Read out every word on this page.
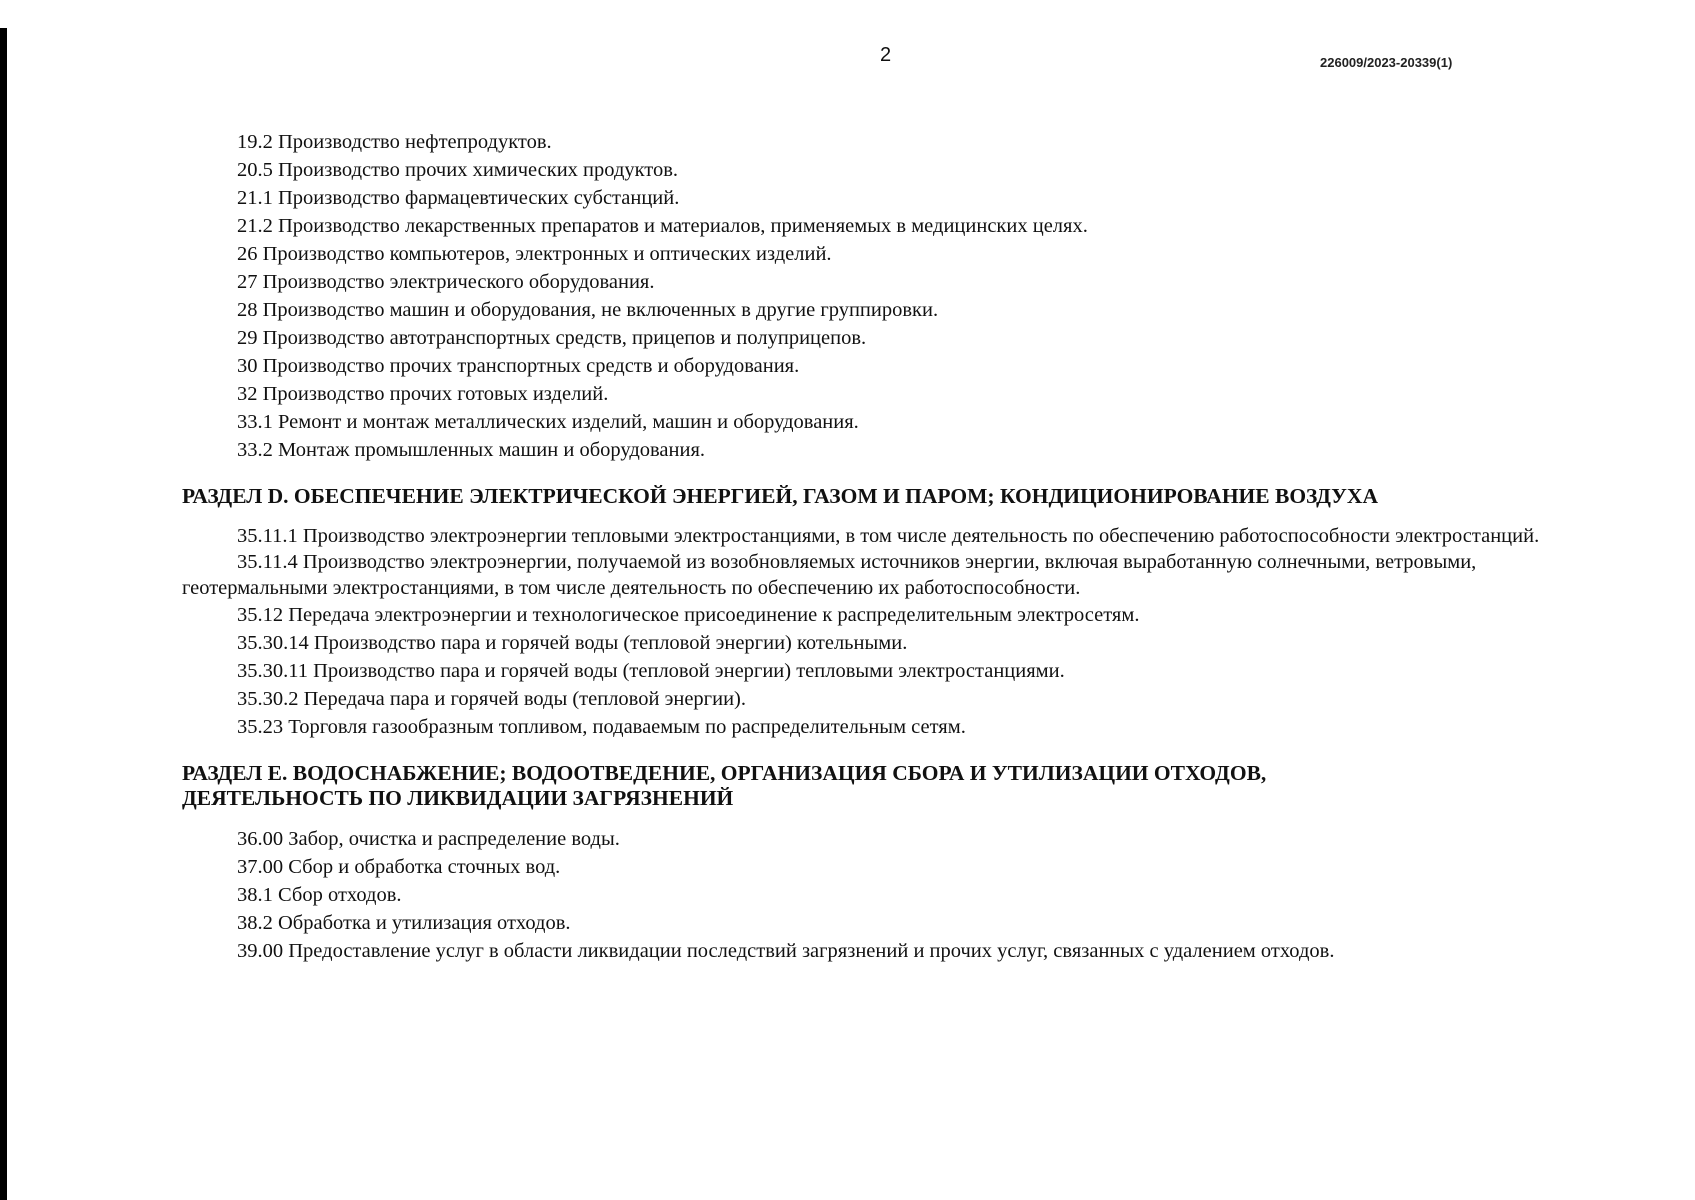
2	226009/2023-20339(1)
19.2 Производство нефтепродуктов.
20.5 Производство прочих химических продуктов.
21.1 Производство фармацевтических субстанций.
21.2 Производство лекарственных препаратов и материалов, применяемых в медицинских целях.
26 Производство компьютеров, электронных и оптических изделий.
27 Производство электрического оборудования.
28 Производство машин и оборудования, не включенных в другие группировки.
29 Производство автотранспортных средств, прицепов и полуприцепов.
30 Производство прочих транспортных средств и оборудования.
32 Производство прочих готовых изделий.
33.1 Ремонт и монтаж металлических изделий, машин и оборудования.
33.2 Монтаж промышленных машин и оборудования.
РАЗДЕЛ D. ОБЕСПЕЧЕНИЕ ЭЛЕКТРИЧЕСКОЙ ЭНЕРГИЕЙ, ГАЗОМ И ПАРОМ; КОНДИЦИОНИРОВАНИЕ ВОЗДУХА
35.11.1 Производство электроэнергии тепловыми электростанциями, в том числе деятельность по обеспечению работоспособности электростанций.
35.11.4 Производство электроэнергии, получаемой из возобновляемых источников энергии, включая выработанную солнечными, ветровыми, геотермальными электростанциями, в том числе деятельность по обеспечению их работоспособности.
35.12 Передача электроэнергии и технологическое присоединение к распределительным электросетям.
35.30.14 Производство пара и горячей воды (тепловой энергии) котельными.
35.30.11 Производство пара и горячей воды (тепловой энергии) тепловыми электростанциями.
35.30.2 Передача пара и горячей воды (тепловой энергии).
35.23 Торговля газообразным топливом, подаваемым по распределительным сетям.
РАЗДЕЛ E. ВОДОСНАБЖЕНИЕ; ВОДООТВЕДЕНИЕ, ОРГАНИЗАЦИЯ СБОРА И УТИЛИЗАЦИИ ОТХОДОВ,
ДЕЯТЕЛЬНОСТЬ ПО ЛИКВИДАЦИИ ЗАГРЯЗНЕНИЙ
36.00 Забор, очистка и распределение воды.
37.00 Сбор и обработка сточных вод.
38.1 Сбор отходов.
38.2 Обработка и утилизация отходов.
39.00 Предоставление услуг в области ликвидации последствий загрязнений и прочих услуг, связанных с удалением отходов.
